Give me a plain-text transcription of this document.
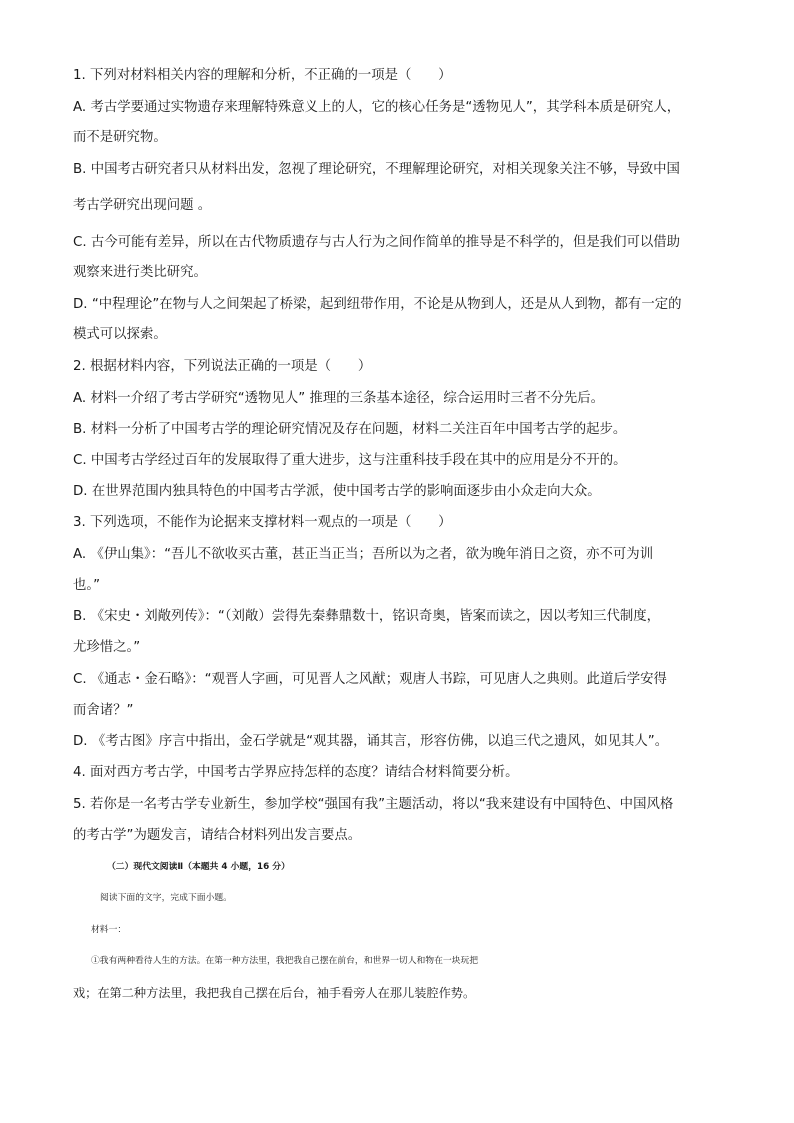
1. 下列对材料相关内容的理解和分析，不正确的一项是（　　）
A. 考古学要通过实物遗存来理解特殊意义上的人，它的核心任务是“透物见人”，其学科本质是研究人，
而不是研究物。
B. 中国考古研究者只从材料出发，忽视了理论研究，不理解理论研究，对相关现象关注不够，导致中国
考古学研究出现问题 。
C. 古今可能有差异，所以在古代物质遗存与古人行为之间作简单的推导是不科学的，但是我们可以借助
观察来进行类比研究。
D. “中程理论”在物与人之间架起了桥梁，起到纽带作用，不论是从物到人，还是从人到物，都有一定的
模式可以探索。
2. 根据材料内容，下列说法正确的一项是（　　）
A. 材料一介绍了考古学研究“透物见人” 推理的三条基本途径，综合运用时三者不分先后。
B. 材料一分析了中国考古学的理论研究情况及存在问题，材料二关注百年中国考古学的起步。
C. 中国考古学经过百年的发展取得了重大进步，这与注重科技手段在其中的应用是分不开的。
D. 在世界范围内独具特色的中国考古学派，使中国考古学的影响面逐步由小众走向大众。
3. 下列选项，不能作为论据来支撑材料一观点的一项是（　　）
A. 《伊山集》：“吾儿不欲收买古董，甚正当正当；吾所以为之者，欲为晚年消日之资，亦不可为训
也。”
B. 《宋史・刘敞列传》：“（刘敞）尝得先秦彝鼎数十，铭识奇奥，皆案而读之，因以考知三代制度，
尤珍惜之。”
C. 《通志・金石略》：“观晋人字画，可见晋人之风猷；观唐人书踪，可见唐人之典则。此道后学安得
而舍诸？”
D. 《考古图》序言中指出，金石学就是“观其器，诵其言，形容仿佛，以追三代之遗风，如见其人”。
4. 面对西方考古学，中国考古学界应持怎样的态度？请结合材料简要分析。
5. 若你是一名考古学专业新生，参加学校“强国有我”主题活动，将以“我来建设有中国特色、中国风格
的考古学”为题发言，请结合材料列出发言要点。
（二）现代文阅读Ⅱ（本题共 4 小题，16 分）
阅读下面的文字，完成下面小题。
材料一：
①我有两种看待人生的方法。在第一种方法里，我把我自己摆在前台，和世界一切人和物在一块玩把
戏；在第二种方法里，我把我自己摆在后台，袖手看旁人在那儿装腔作势。
